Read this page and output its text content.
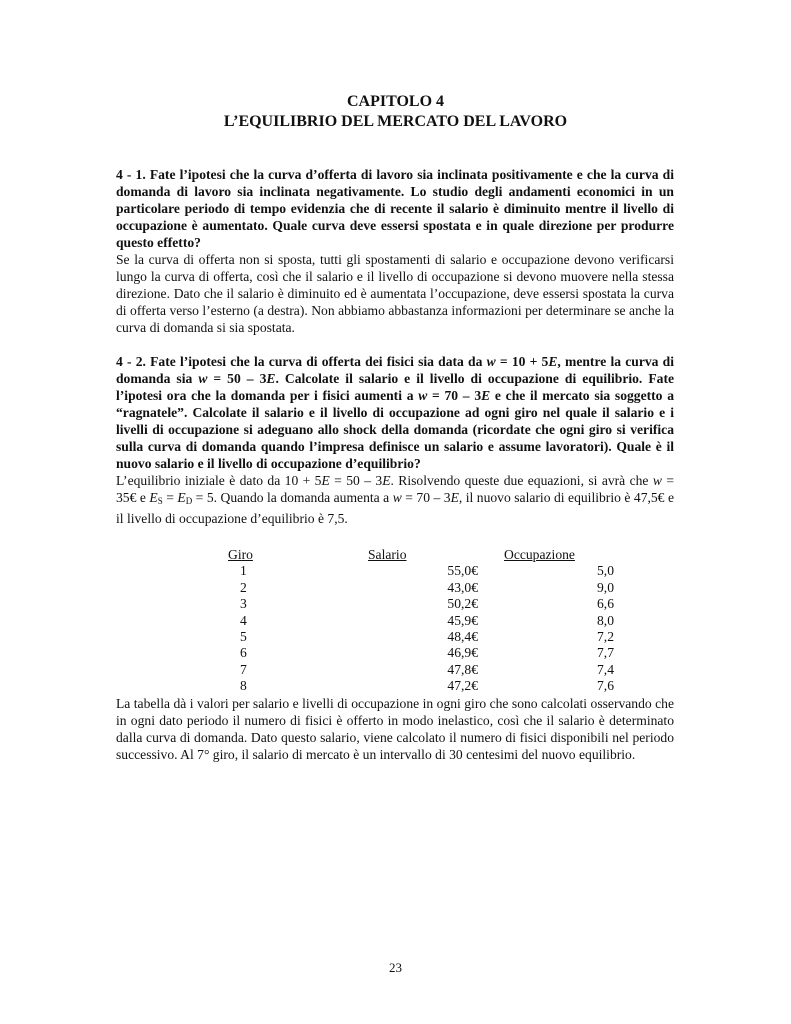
CAPITOLO 4
L’EQUILIBRIO DEL MERCATO DEL LAVORO

4 - 1. Fate l’ipotesi che la curva d’offerta di lavoro sia inclinata positivamente e che la curva di domanda di lavoro sia inclinata negativamente. Lo studio degli andamenti economici in un particolare periodo di tempo evidenzia che di recente il salario è diminuito mentre il livello di occupazione è aumentato. Quale curva deve essersi spostata e in quale direzione per produrre questo effetto?

Se la curva di offerta non si sposta, tutti gli spostamenti di salario e occupazione devono verificarsi lungo la curva di offerta, così che il salario e il livello di occupazione si devono muovere nella stessa direzione. Dato che il salario è diminuito ed è aumentata l’occupazione, deve essersi spostata la curva di offerta verso l’esterno (a destra). Non abbiamo abbastanza informazioni per determinare se anche la curva di domanda si sia spostata.

4 - 2. Fate l’ipotesi che la curva di offerta dei fisici sia data da w = 10 + 5E, mentre la curva di domanda sia w = 50 – 3E. Calcolate il salario e il livello di occupazione di equilibrio. Fate l’ipotesi ora che la domanda per i fisici aumenti a w = 70 – 3E e che il mercato sia soggetto a “ragnatele”. Calcolate il salario e il livello di occupazione ad ogni giro nel quale il salario e i livelli di occupazione si adeguano allo shock della domanda (ricordate che ogni giro si verifica sulla curva di domanda quando l’impresa definisce un salario e assume lavoratori). Quale è il nuovo salario e il livello di occupazione d’equilibrio?

L’equilibrio iniziale è dato da 10 + 5E = 50 – 3E. Risolvendo queste due equazioni, si avrà che w = 35€ e $E_S = E_D = 5$. Quando la domanda aumenta a w = 70 – 3E, il nuovo salario di equilibrio è 47,5€ e il livello di occupazione d’equilibrio è 7,5.

Giro	Salario	Occupazione
1	55,0€	5,0
2	43,0€	9,0
3	50,2€	6,6
4	45,9€	8,0
5	48,4€	7,2
6	46,9€	7,7
7	47,8€	7,4
8	47,2€	7,6

La tabella dà i valori per salario e livelli di occupazione in ogni giro che sono calcolati osservando che in ogni dato periodo il numero di fisici è offerto in modo inelastico, così che il salario è determinato dalla curva di domanda. Dato questo salario, viene calcolato il numero di fisici disponibili nel periodo successivo. Al 7° giro, il salario di mercato è un intervallo di 30 centesimi del nuovo equilibrio.

23
